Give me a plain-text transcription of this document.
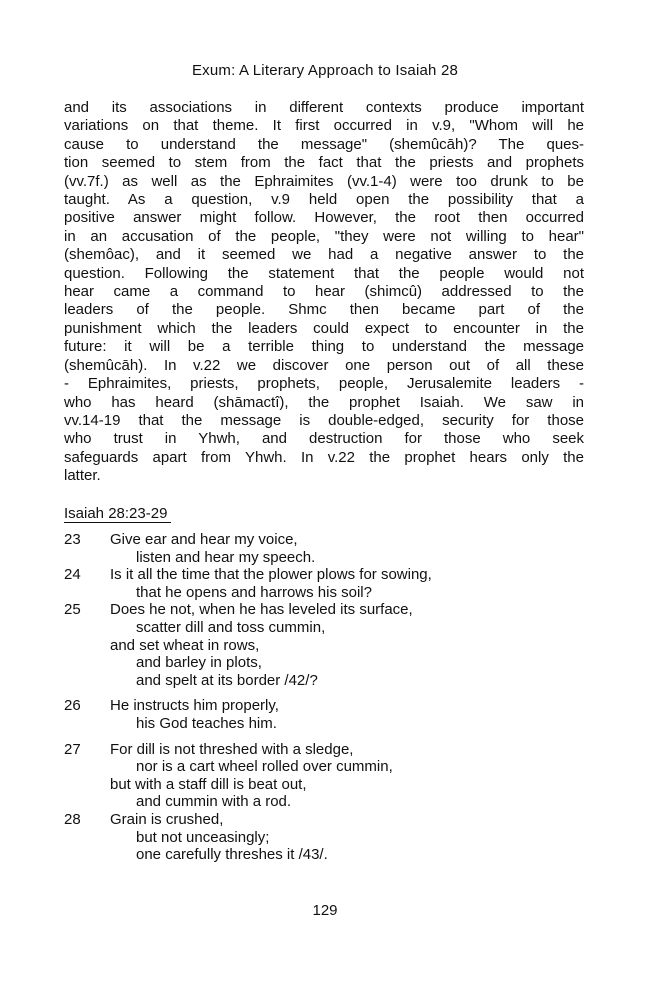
Exum: A Literary Approach to Isaiah 28
and its associations in different contexts produce important
variations on that theme. It first occurred in v.9, "Whom will he
cause to understand the message" (shemûcāh)? The ques-
tion seemed to stem from the fact that the priests and prophets
(vv.7f.) as well as the Ephraimites (vv.1-4) were too drunk to be
taught. As a question, v.9 held open the possibility that a
positive answer might follow. However, the root then occurred
in an accusation of the people, "they were not willing to hear"
(shemôac), and it seemed we had a negative answer to the
question. Following the statement that the people would not
hear came a command to hear (shimcû) addressed to the
leaders of the people. Shmc then became part of the
punishment which the leaders could expect to encounter in the
future: it will be a terrible thing to understand the message
(shemûcāh). In v.22 we discover one person out of all these
- Ephraimites, priests, prophets, people, Jerusalemite leaders -
who has heard (shāmactî), the prophet Isaiah. We saw in
vv.14-19 that the message is double-edged, security for those
who trust in Yhwh, and destruction for those who seek
safeguards apart from Yhwh. In v.22 the prophet hears only the
latter.
Isaiah 28:23-29
23	Give ear and hear my voice,
listen and hear my speech.
24	Is it all the time that the plower plows for sowing,
that he opens and harrows his soil?
25	Does he not, when he has leveled its surface,
scatter dill and toss cummin,
and set wheat in rows,
and barley in plots,
and spelt at its border /42/?
26	He instructs him properly,
his God teaches him.
27	For dill is not threshed with a sledge,
nor is a cart wheel rolled over cummin,
but with a staff dill is beat out,
and cummin with a rod.
28	Grain is crushed,
but not unceasingly;
one carefully threshes it /43/.
129
